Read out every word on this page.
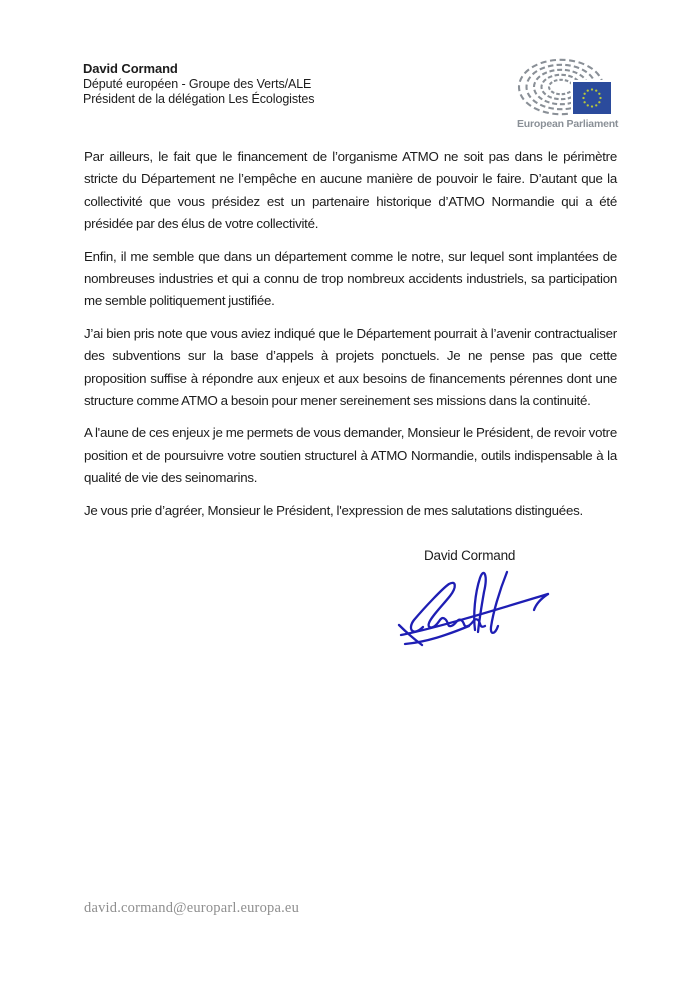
David Cormand
Député européen - Groupe des Verts/ALE
Président de la délégation Les Écologistes
European Parliament

Par ailleurs, le fait que le financement de l’organisme ATMO ne soit pas dans le périmètre stricte du Département ne l’empêche en aucune manière de pouvoir le faire. D’autant que la collectivité que vous présidez est un partenaire historique d’ATMO Normandie qui a été présidée par des élus de votre collectivité.

Enfin, il me semble que dans un département comme le notre, sur lequel sont implantées de nombreuses industries et qui a connu de trop nombreux accidents industriels, sa participation me semble politiquement justifiée.

J’ai bien pris note que vous aviez indiqué que le Département pourrait à l’avenir contractualiser des subventions sur la base d’appels à projets ponctuels. Je ne pense pas que cette proposition suffise à répondre aux enjeux et aux besoins de financements pérennes dont une structure comme ATMO a besoin pour mener sereinement ses missions dans la continuité.

A l'aune de ces enjeux je me permets de vous demander, Monsieur le Président, de revoir votre position et de poursuivre votre soutien structurel à ATMO Normandie, outils indispensable à la qualité de vie des seinomarins.

Je vous prie d’agréer, Monsieur le Président, l'expression de mes salutations distinguées.

David Cormand
david.cormand@europarl.europa.eu
